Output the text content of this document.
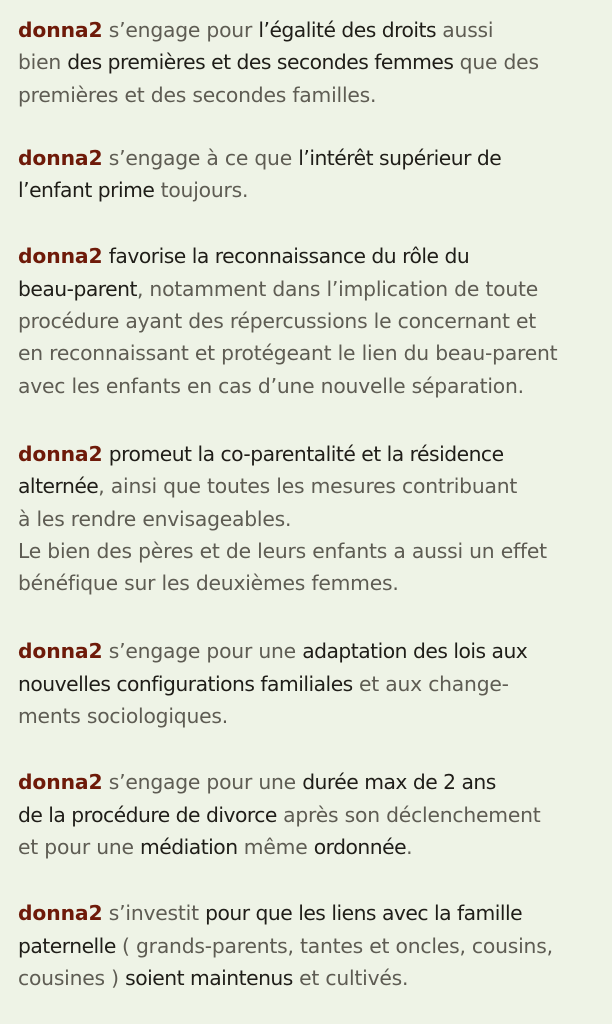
donna2 s’engage pour l’égalité des droits aussi
bien des premières et des secondes femmes que des
premières et des secondes familles.

donna2 s’engage à ce que l’intérêt supérieur de
l’enfant prime toujours.

donna2 favorise la reconnaissance du rôle du
beau-parent, notamment dans l’implication de toute
procédure ayant des répercussions le concernant et
en reconnaissant et protégeant le lien du beau-parent
avec les enfants en cas d’une nouvelle séparation.

donna2 promeut la co-parentalité et la résidence
alternée, ainsi que toutes les mesures contribuant
à les rendre envisageables.
Le bien des pères et de leurs enfants a aussi un effet
bénéfique sur les deuxièmes femmes.

donna2 s’engage pour une adaptation des lois aux
nouvelles configurations familiales et aux change-
ments sociologiques.

donna2 s’engage pour une durée max de 2 ans
de la procédure de divorce après son déclenchement
et pour une médiation même ordonnée.

donna2 s’investit pour que les liens avec la famille
paternelle ( grands-parents, tantes et oncles, cousins,
cousines ) soient maintenus et cultivés.
